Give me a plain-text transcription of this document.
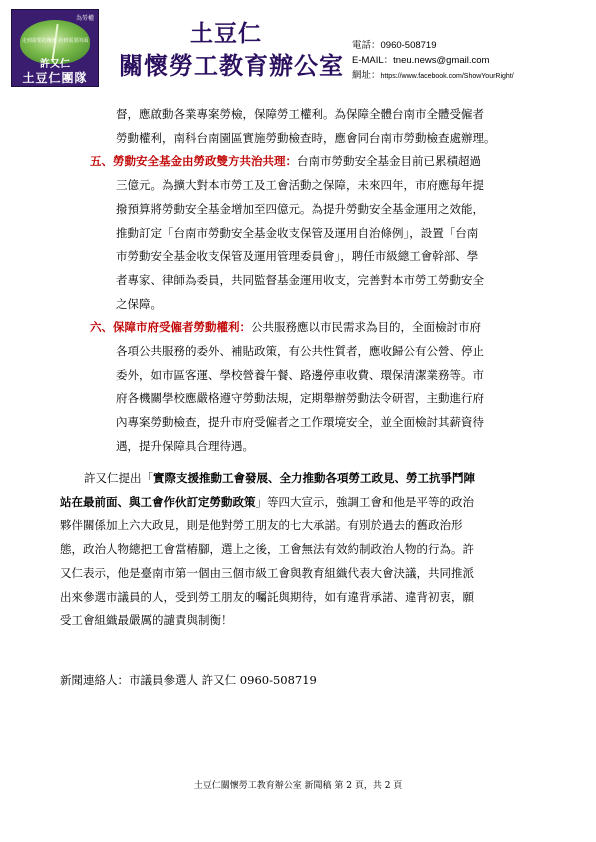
為勞權
走到需要的角落 看到需要的面
許又仁
土豆仁團隊
土豆仁
關懷勞工教育辦公室
電話：0960-508719
E-MAIL：tneu.news@gmail.com
網址：https://www.facebook.com/ShowYourRight/
督，應啟動各業專案勞檢，保障勞工權利。為保障全體台南市全體受僱者
勞動權利，南科台南園區實施勞動檢查時，應會同台南市勞動檢查處辦理。
五、勞動安全基金由勞政雙方共治共理：台南市勞動安全基金目前已累積超過
三億元。為擴大對本市勞工及工會活動之保障，未來四年，市府應每年提
撥預算將勞動安全基金增加至四億元。為提升勞動安全基金運用之效能，
推動訂定「台南市勞動安全基金收支保管及運用自治條例」，設置「台南
市勞動安全基金收支保管及運用管理委員會」，聘任市級總工會幹部、學
者專家、律師為委員，共同監督基金運用收支，完善對本市勞工勞動安全
之保障。
六、保障市府受僱者勞動權利：公共服務應以市民需求為目的，全面檢討市府
各項公共服務的委外、補貼政策，有公共性質者，應收歸公有公營、停止
委外，如市區客運、學校營養午餐、路邊停車收費、環保清潔業務等。市
府各機關學校應嚴格遵守勞動法規，定期舉辦勞動法令研習，主動進行府
內專案勞動檢查，提升市府受僱者之工作環境安全，並全面檢討其薪資待
遇，提升保障具合理待遇。
許又仁提出「實際支援推動工會發展、全力推動各項勞工政見、勞工抗爭鬥陣
站在最前面、與工會作伙訂定勞動政策」等四大宣示，強調工會和他是平等的政治
夥伴關係加上六大政見，則是他對勞工朋友的七大承諾。有別於過去的舊政治形
態，政治人物總把工會當樁腳，選上之後，工會無法有效約制政治人物的行為。許
又仁表示，他是臺南市第一個由三個市級工會與教育組織代表大會決議，共同推派
出來參選市議員的人，受到勞工朋友的囑託與期待，如有違背承諾、違背初衷，願
受工會組織最嚴厲的譴責與制衡！
新聞連絡人：市議員參選人 許又仁 0960-508719
土豆仁關懷勞工教育辦公室 新聞稿 第 2 頁，共 2 頁
